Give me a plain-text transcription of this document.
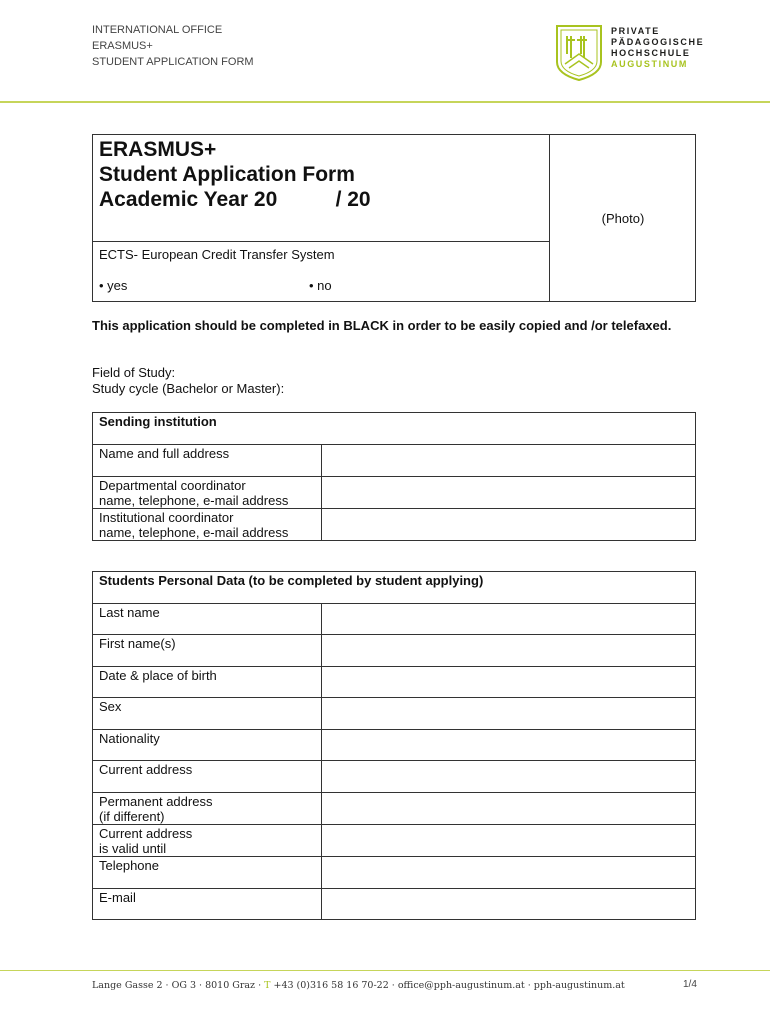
INTERNATIONAL OFFICE
ERASMUS+
STUDENT APPLICATION FORM
PRIVATE
PÄDAGOGISCHE
HOCHSCHULE
AUGUSTINUM
ERASMUS+
Student Application Form
Academic Year 20          / 20
ECTS- European Credit Transfer System
• yes	• no
(Photo)
This application should be completed in BLACK in order to be easily copied and /or telefaxed.
Field of Study:
Study cycle (Bachelor or Master):
Sending institution	

Name and full address	

Departmental coordinator
name, telephone, e-mail address	

Institutional coordinator
name, telephone, e-mail address	

Students Personal Data (to be completed by student applying)	

Last name	

First name(s)	

Date & place of birth	

Sex	

Nationality	

Current address	

Permanent address
(if different)	

Current address
is valid until	

Telephone	

E-mail	

Lange Gasse 2 · OG 3 · 8010 Graz · T +43 (0)316 58 16 70-22 · office@pph-augustinum.at · pph-augustinum.at	1/4
